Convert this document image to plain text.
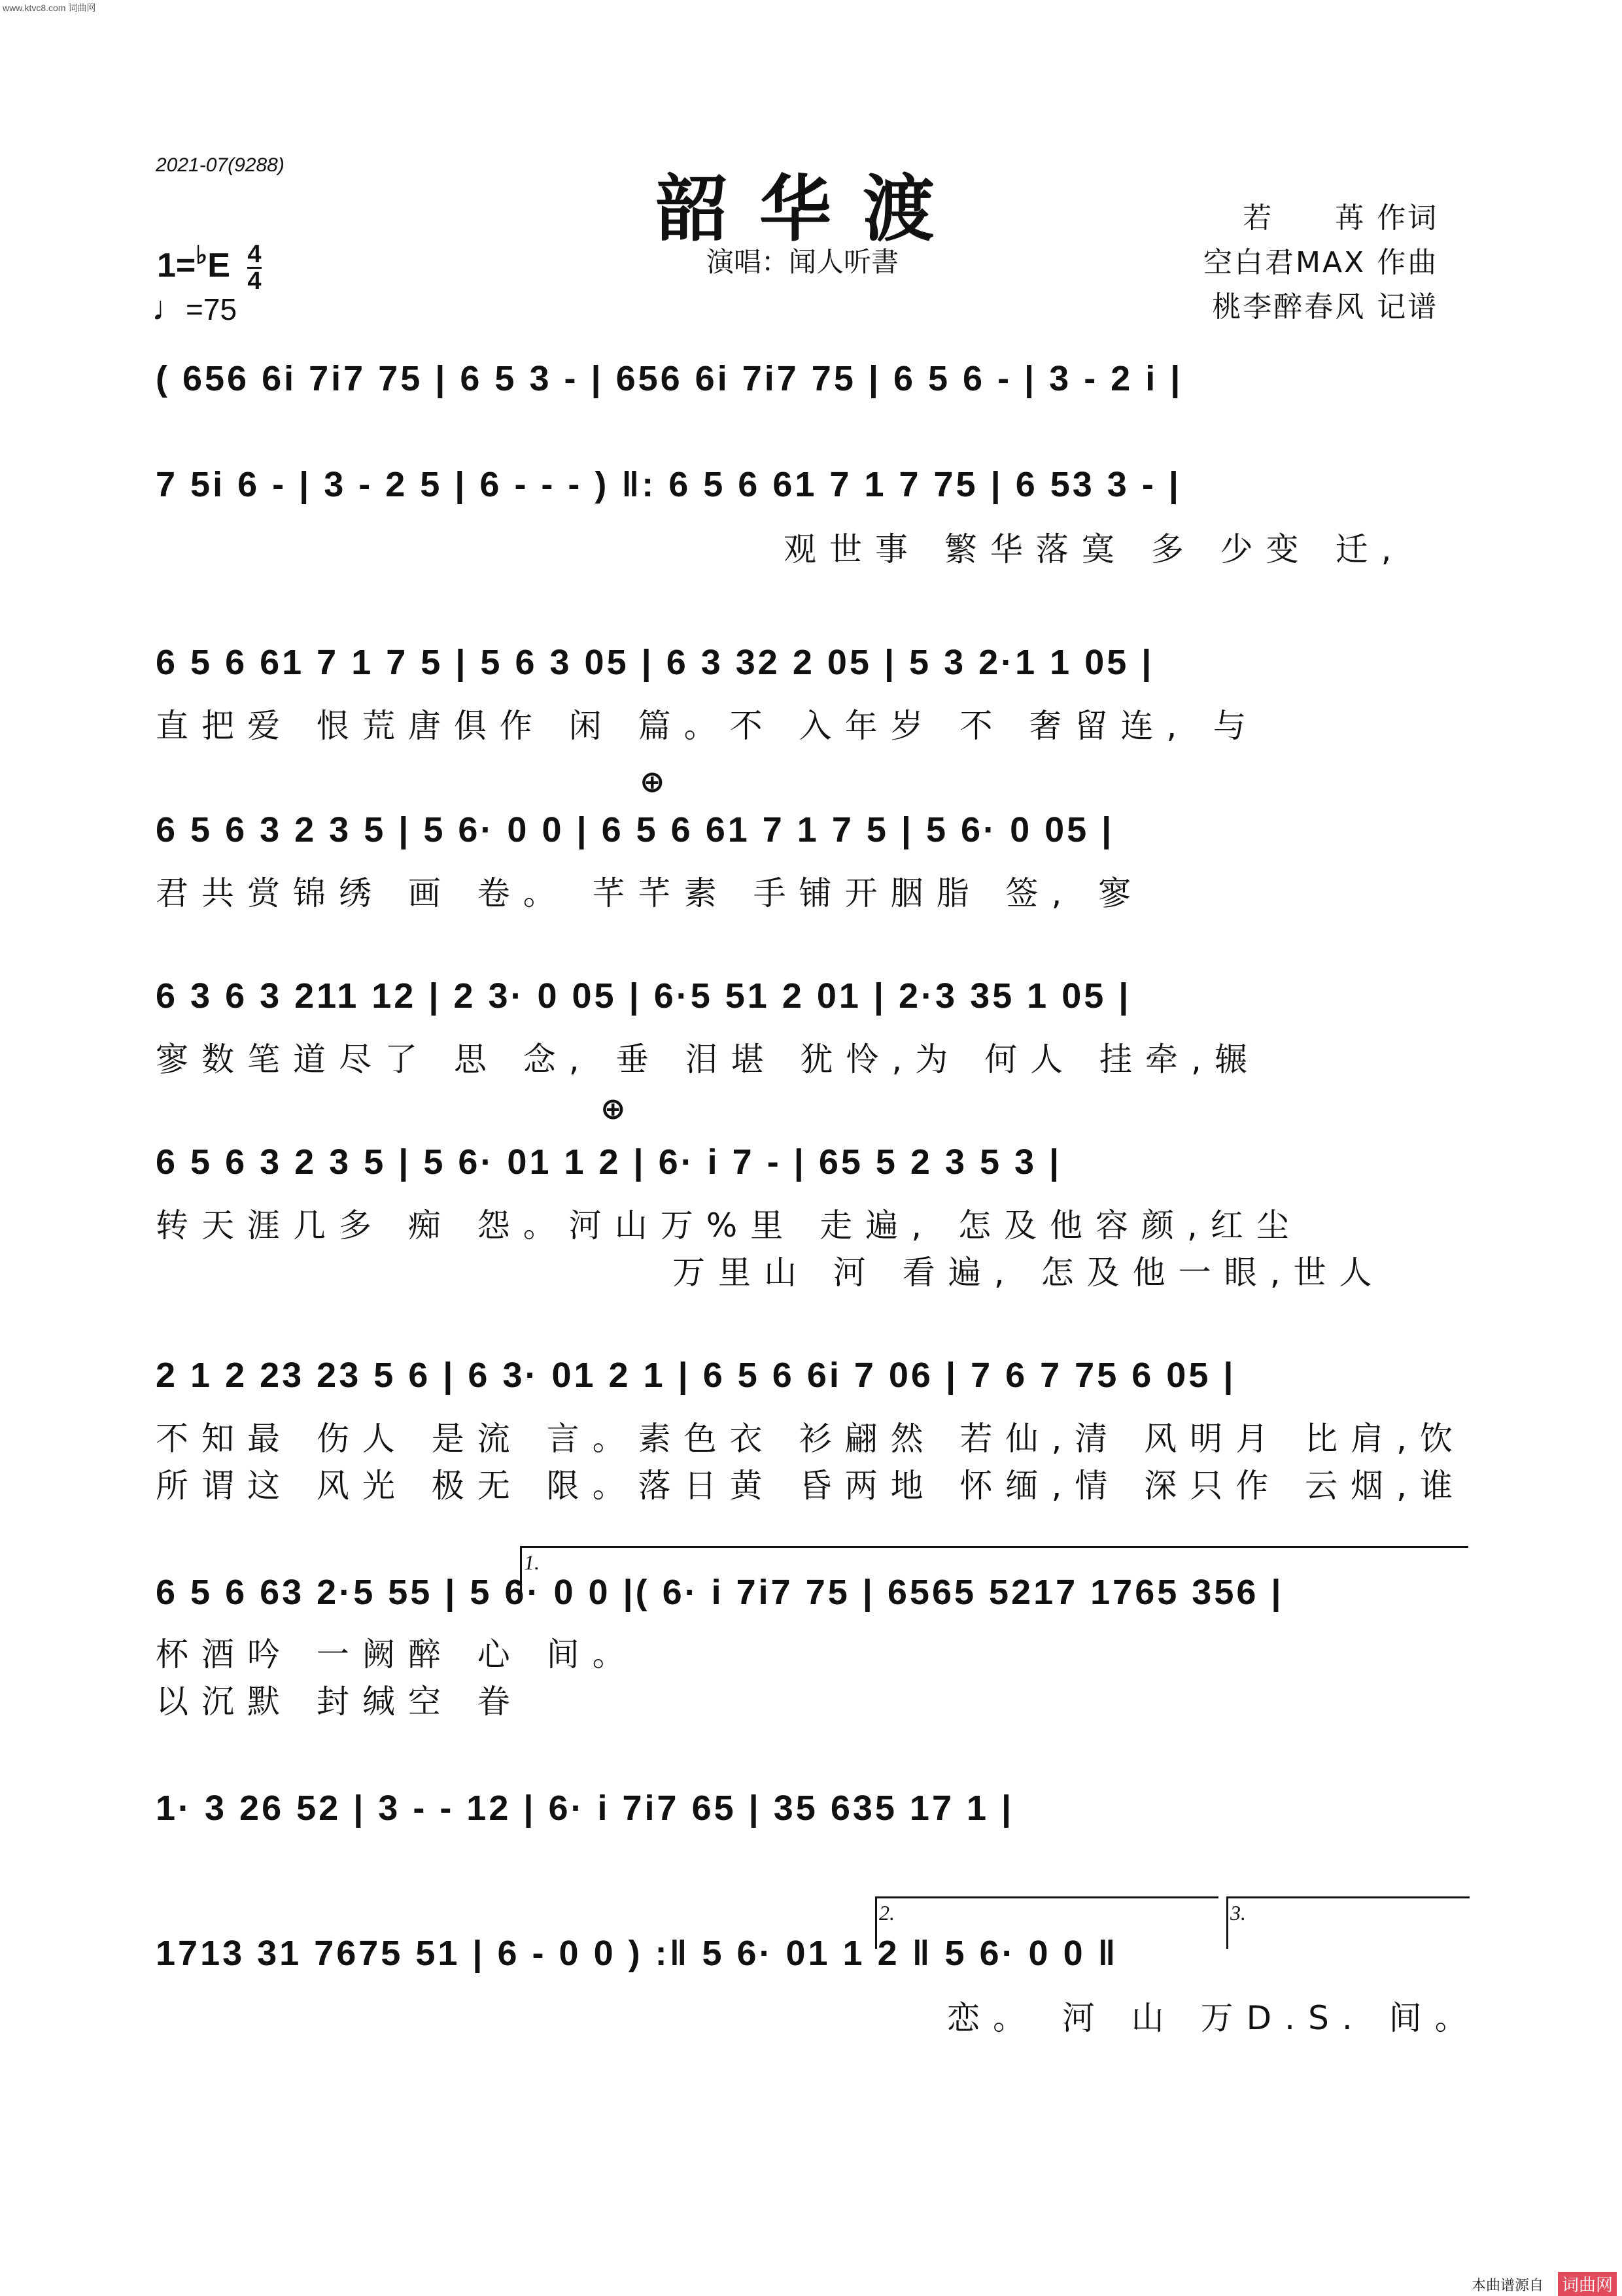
www.ktvc8.com 词曲网
2021-07(9288)
韶华渡
演唱：闻人听書
若　　苒 作词
空白君MAX 作曲
桃李醉春风 记谱
$1=^♭E \frac{4}{4}$
♩=75
( 656 6i 7i7 75 | 6 5 3 - | 656 6i 7i7 75 | 6 5 6 - | 3 - 2 i |
7 5i 6 - | 3 - 2 5 | 6 - - - ) ‖: 6 5 6 61 7 1 7 75 | 6 53 3 - |
观世事 繁华落寞 多 少变 迁,
6 5 6 61 7 1 7 5 | 5 6 3 05 | 6 3 32 2 05 | 5 3 2·1 1 05 |
直把爱 恨荒唐俱作 闲 篇。不 入年岁 不 奢留连, 与
⊕
6 5 6 3 2 3 5 | 5 6· 0 0 | 6 5 6 61 7 1 7 5 | 5 6· 0 05 |
君共赏锦绣 画 卷。 芊芊素 手铺开胭脂 签, 寥
6 3 6 3 211 12 | 2 3· 0 05 | 6·5 51 2 01 | 2·3 35 1 05 |
寥数笔道尽了 思 念, 垂 泪堪 犹怜,为 何人 挂牵,辗
⊕
6 5 6 3 2 3 5 | 5 6· 01 1 2 | 6· i 7 - | 65 5 2 3 5 3 |
转天涯几多 痴 怨。河山万%里 走遍, 怎及他容颜,红尘
万里山 河 看遍, 怎及他一眼,世人
2 1 2 23 23 5 6 | 6 3· 01 2 1 | 6 5 6 6i 7 06 | 7 6 7 75 6 05 |
不知最 伤人 是流 言。素色衣 衫翩然 若仙,清 风明月 比肩,饮
所谓这 风光 极无 限。落日黄 昏两地 怀缅,情 深只作 云烟,谁
1.
6 5 6 63 2·5 55 | 5 6· 0 0 |( 6· i 7i7 75 | 6565 5217 1765 356 |
杯酒吟 一阙醉 心 间。
以沉默 封缄空 眷
1· 3 26 52 | 3 - - 12 | 6· i 7i7 65 | 35 635 17 1 |
2.	3.
1713 31 7675 51 | 6 - 0 0 ) :‖ 5 6· 01 1 2 ‖ 5 6· 0 0 ‖
恋。 河 山 万D.S. 间。
本曲谱源自 词曲网
